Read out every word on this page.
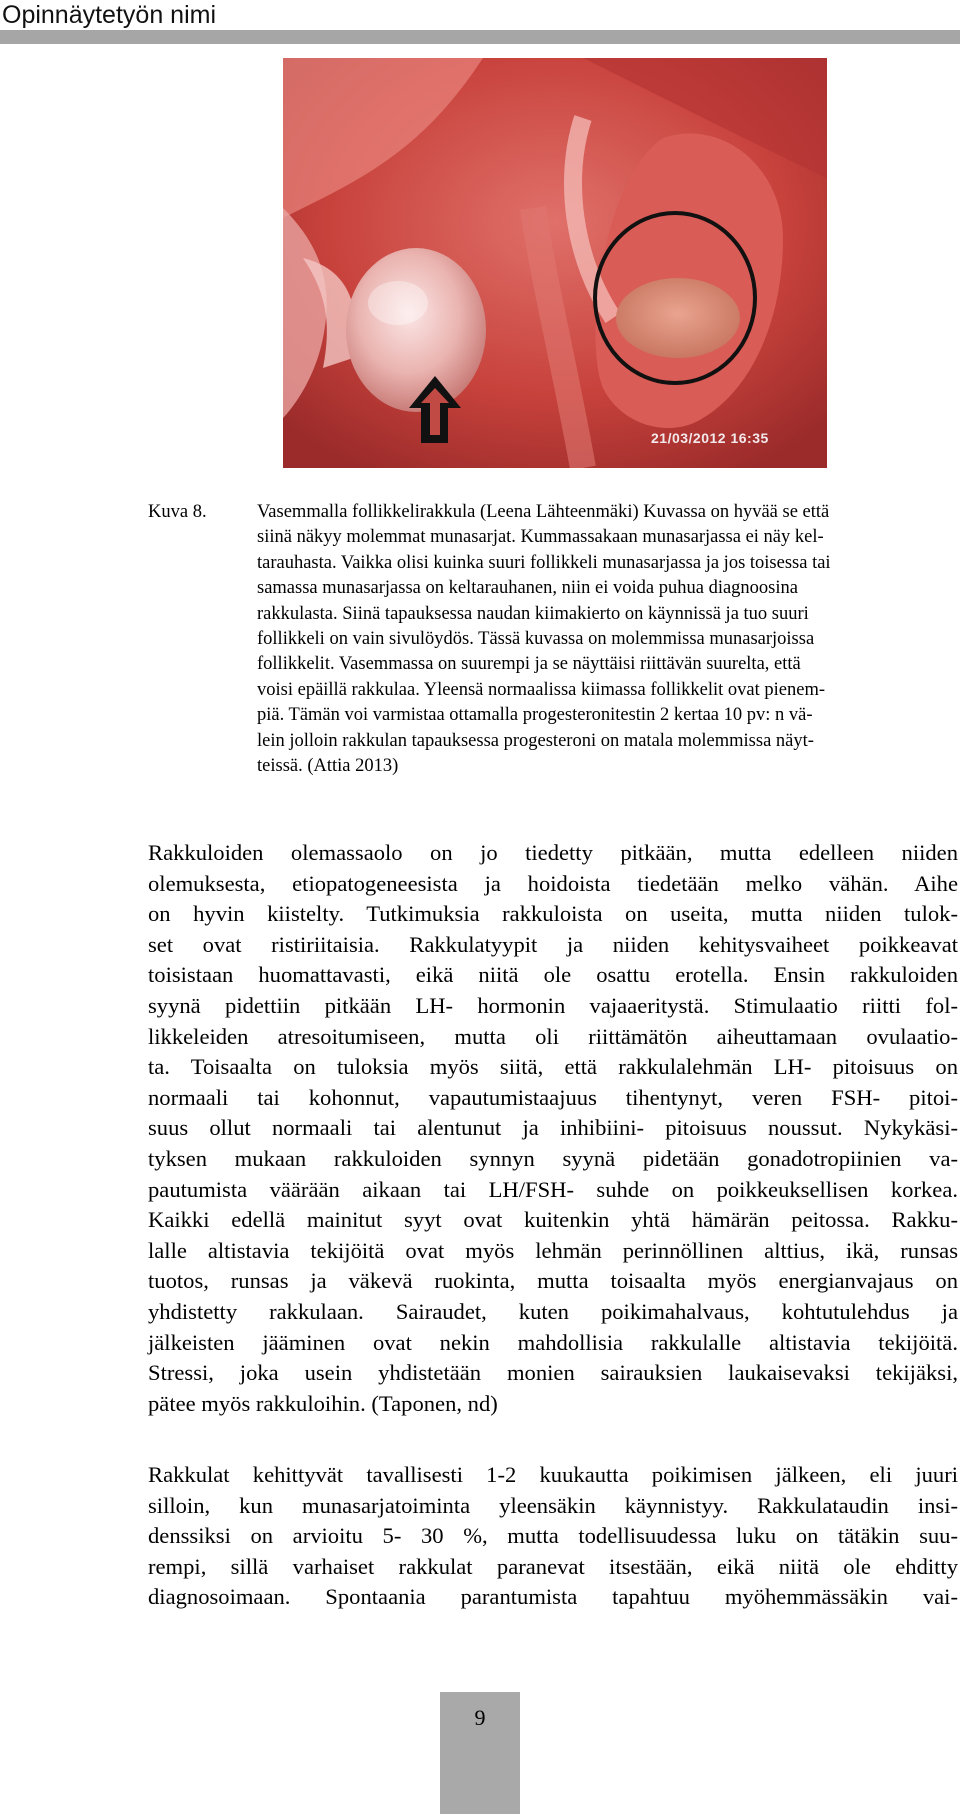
Opinnäytetyön nimi
21/03/2012 16:35
Kuva 8.	Vasemmalla follikkelirakkula (Leena Lähteenmäki) Kuvassa on hyvää se että
siinä näkyy molemmat munasarjat. Kummassakaan munasarjassa ei näy kel-
tarauhasta. Vaikka olisi kuinka suuri follikkeli munasarjassa ja jos toisessa tai
samassa munasarjassa on keltarauhanen, niin ei voida puhua diagnoosina
rakkulasta. Siinä tapauksessa naudan kiimakierto on käynnissä ja tuo suuri
follikkeli on vain sivulöydös. Tässä kuvassa on molemmissa munasarjoissa
follikkelit. Vasemmassa on suurempi ja se näyttäisi riittävän suurelta, että
voisi epäillä rakkulaa. Yleensä normaalissa kiimassa follikkelit ovat pienem-
piä. Tämän voi varmistaa ottamalla progesteronitestin 2 kertaa 10 pv: n vä-
lein jolloin rakkulan tapauksessa progesteroni on matala molemmissa näyt-
teissä. (Attia 2013)
Rakkuloiden olemassaolo on jo tiedetty pitkään, mutta edelleen niiden
olemuksesta, etiopatogeneesista ja hoidoista tiedetään melko vähän. Aihe
on hyvin kiistelty. Tutkimuksia rakkuloista on useita, mutta niiden tulok-
set ovat ristiriitaisia. Rakkulatyypit ja niiden kehitysvaiheet poikkeavat
toisistaan huomattavasti, eikä niitä ole osattu erotella. Ensin rakkuloiden
syynä pidettiin pitkään LH- hormonin vajaaeritystä. Stimulaatio riitti fol-
likkeleiden atresoitumiseen, mutta oli riittämätön aiheuttamaan ovulaatio-
ta. Toisaalta on tuloksia myös siitä, että rakkulalehmän LH- pitoisuus on
normaali tai kohonnut, vapautumistaajuus tihentynyt, veren FSH- pitoi-
suus ollut normaali tai alentunut ja inhibiini- pitoisuus noussut. Nykykäsi-
tyksen mukaan rakkuloiden synnyn syynä pidetään gonadotropiinien va-
pautumista väärään aikaan tai LH/FSH- suhde on poikkeuksellisen korkea.
Kaikki edellä mainitut syyt ovat kuitenkin yhtä hämärän peitossa. Rakku-
lalle altistavia tekijöitä ovat myös lehmän perinnöllinen alttius, ikä, runsas
tuotos, runsas ja väkevä ruokinta, mutta toisaalta myös energianvajaus on
yhdistetty rakkulaan. Sairaudet, kuten poikimahalvaus, kohtutulehdus ja
jälkeisten jääminen ovat nekin mahdollisia rakkulalle altistavia tekijöitä.
Stressi, joka usein yhdistetään monien sairauksien laukaisevaksi tekijäksi,
pätee myös rakkuloihin. (Taponen, nd)
Rakkulat kehittyvät tavallisesti 1-2 kuukautta poikimisen jälkeen, eli juuri
silloin, kun munasarjatoiminta yleensäkin käynnistyy. Rakkulataudin insi-
denssiksi on arvioitu 5- 30 %, mutta todellisuudessa luku on tätäkin suu-
rempi, sillä varhaiset rakkulat paranevat itsestään, eikä niitä ole ehditty
diagnosoimaan. Spontaania parantumista tapahtuu myöhemmässäkin vai-
9
